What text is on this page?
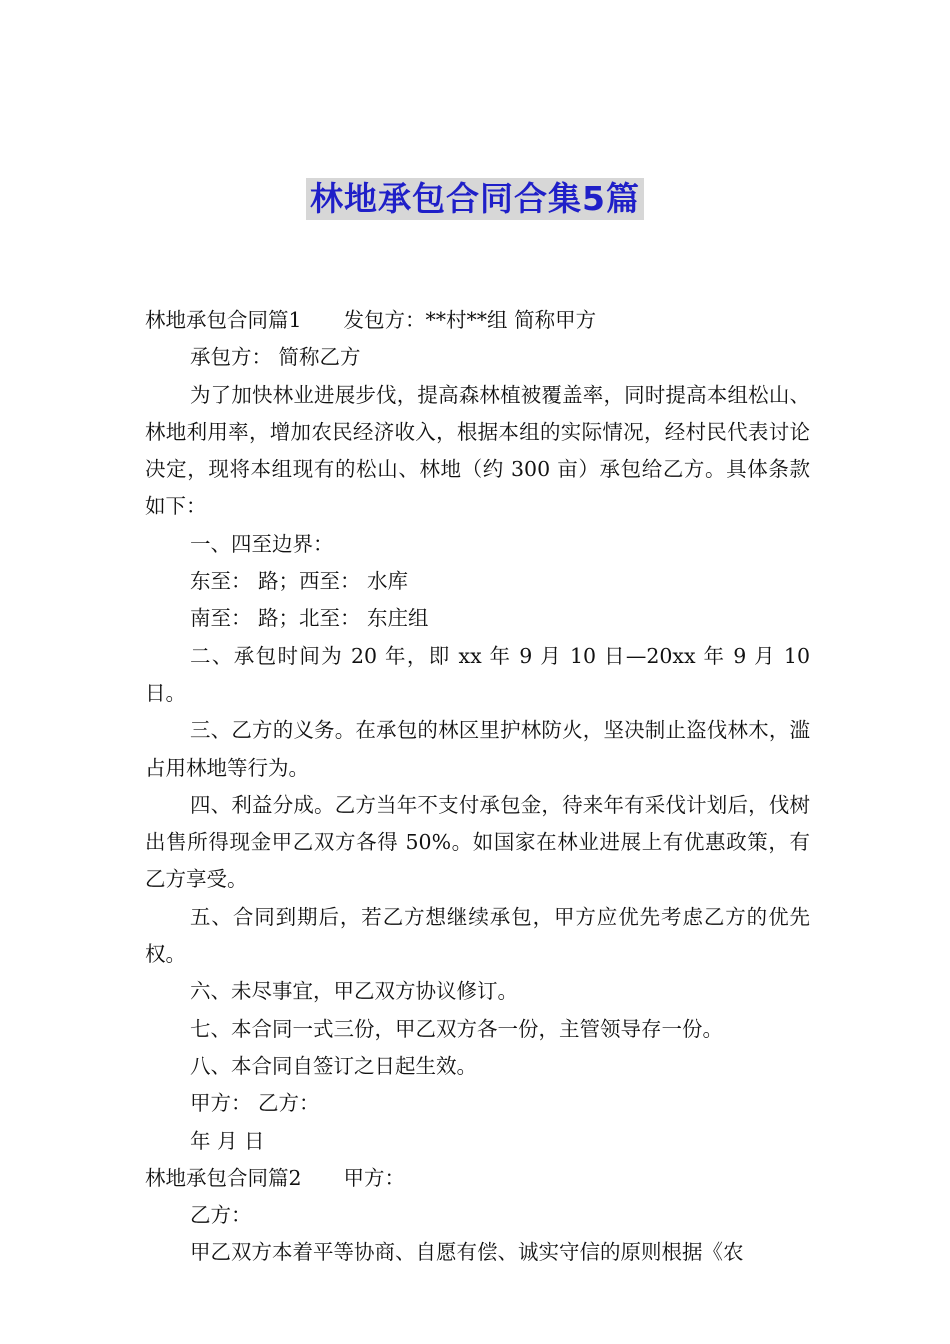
林地承包合同合集5篇

林地承包合同篇1 发包方：**村**组 简称甲方

承包方： 简称乙方

为了加快林业进展步伐，提高森林植被覆盖率，同时提高本组松山、林地利用率，增加农民经济收入，根据本组的实际情况，经村民代表讨论决定，现将本组现有的松山、林地（约 300 亩）承包给乙方。具体条款如下：

一、四至边界：

东至： 路；西至： 水库

南至： 路；北至： 东庄组

二、承包时间为 20 年，即 xx 年 9 月 10 日—20xx 年 9 月 10 日。

三、乙方的义务。在承包的林区里护林防火，坚决制止盗伐林木，滥占用林地等行为。

四、利益分成。乙方当年不支付承包金，待来年有采伐计划后，伐树出售所得现金甲乙双方各得 50%。如国家在林业进展上有优惠政策，有乙方享受。

五、合同到期后，若乙方想继续承包，甲方应优先考虑乙方的优先权。

六、未尽事宜，甲乙双方协议修订。

七、本合同一式三份，甲乙双方各一份，主管领导存一份。

八、本合同自签订之日起生效。

甲方： 乙方：

年 月 日

林地承包合同篇2 甲方：

乙方：

甲乙双方本着平等协商、自愿有偿、诚实守信的原则根据《农
